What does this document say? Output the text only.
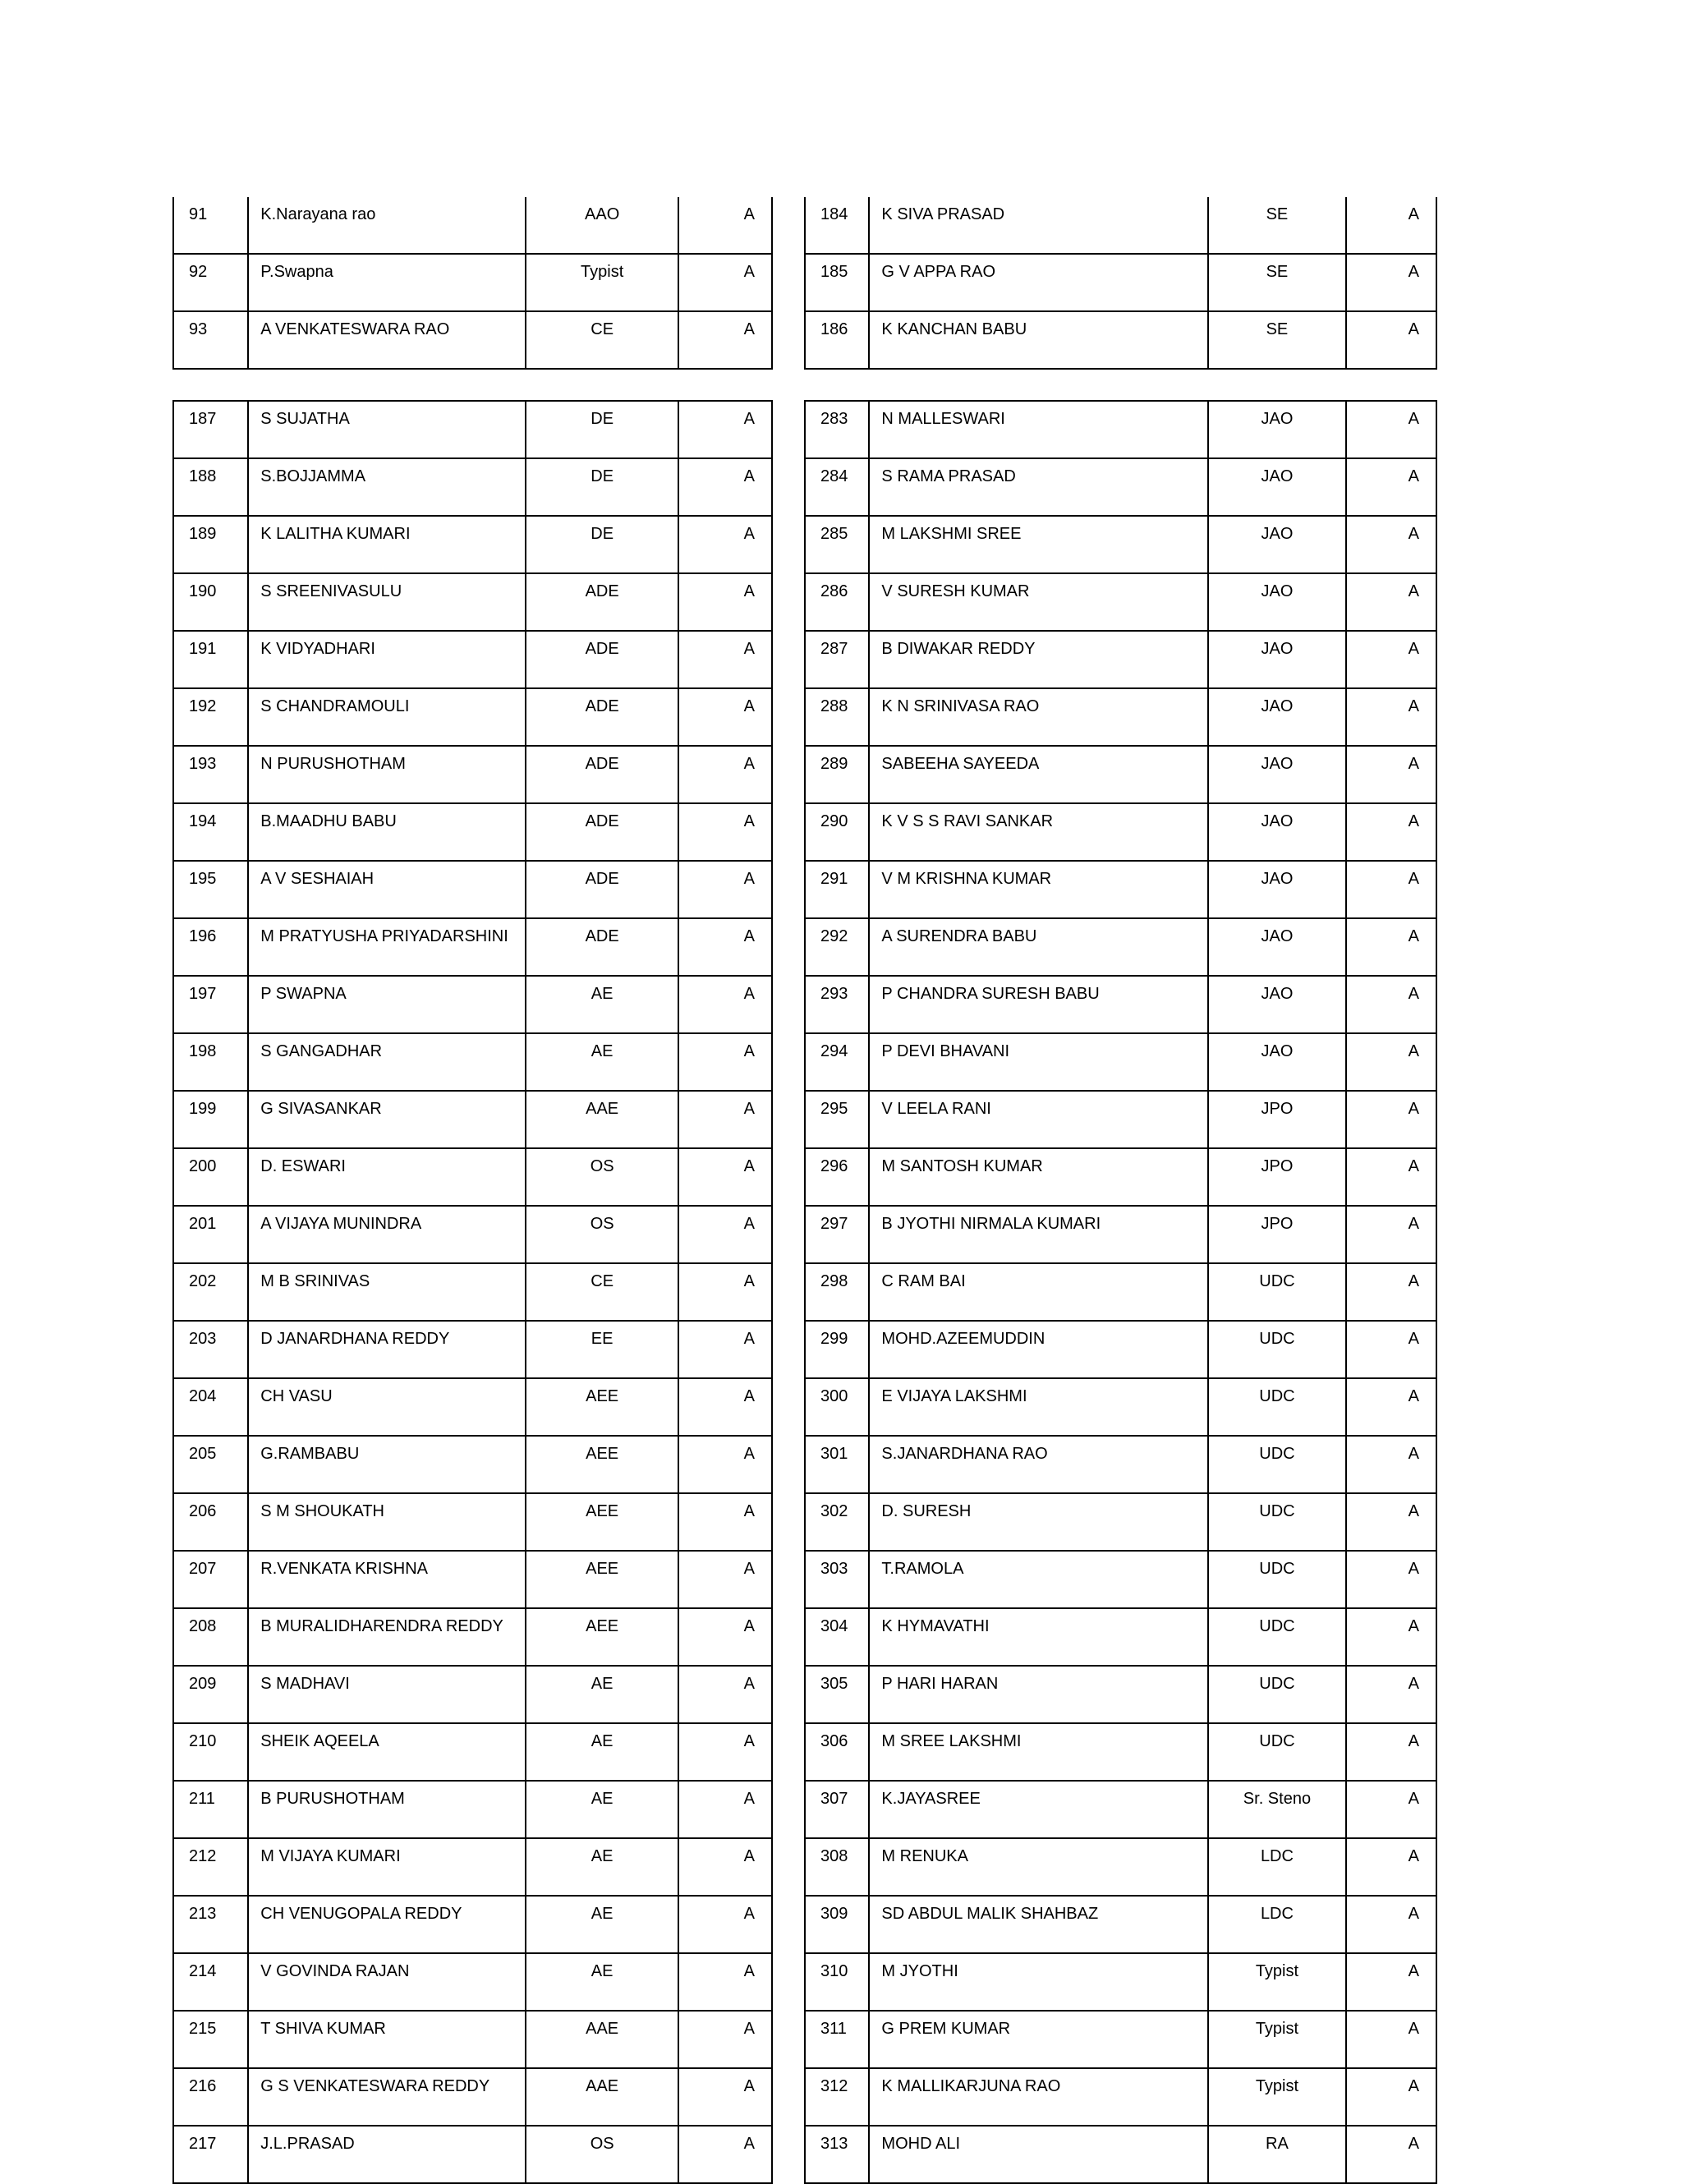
91	K.Narayana rao	AAO	A
92	P.Swapna	Typist	A
93	A VENKATESWARA RAO	CE	A
184	K SIVA PRASAD	SE	A
185	G V APPA RAO	SE	A
186	K KANCHAN BABU	SE	A
187	S SUJATHA	DE	A
188	S.BOJJAMMA	DE	A
189	K LALITHA KUMARI	DE	A
190	S SREENIVASULU	ADE	A
191	K VIDYADHARI	ADE	A
192	S CHANDRAMOULI	ADE	A
193	N PURUSHOTHAM	ADE	A
194	B.MAADHU BABU	ADE	A
195	A V SESHAIAH	ADE	A
196	M PRATYUSHA PRIYADARSHINI	ADE	A
197	P SWAPNA	AE	A
198	S GANGADHAR	AE	A
199	G SIVASANKAR	AAE	A
200	D. ESWARI	OS	A
201	A VIJAYA MUNINDRA	OS	A
202	M B SRINIVAS	CE	A
203	D JANARDHANA REDDY	EE	A
204	CH VASU	AEE	A
205	G.RAMBABU	AEE	A
206	S M SHOUKATH	AEE	A
207	R.VENKATA KRISHNA	AEE	A
208	B MURALIDHARENDRA REDDY	AEE	A
209	S MADHAVI	AE	A
210	SHEIK AQEELA	AE	A
211	B PURUSHOTHAM	AE	A
212	M VIJAYA KUMARI	AE	A
213	CH VENUGOPALA REDDY	AE	A
214	V GOVINDA RAJAN	AE	A
215	T SHIVA KUMAR	AAE	A
216	G S VENKATESWARA REDDY	AAE	A
217	J.L.PRASAD	OS	A
283	N MALLESWARI	JAO	A
284	S RAMA PRASAD	JAO	A
285	M LAKSHMI SREE	JAO	A
286	V SURESH KUMAR	JAO	A
287	B DIWAKAR REDDY	JAO	A
288	K N SRINIVASA RAO	JAO	A
289	SABEEHA SAYEEDA	JAO	A
290	K V S S RAVI SANKAR	JAO	A
291	V M KRISHNA KUMAR	JAO	A
292	A SURENDRA BABU	JAO	A
293	P CHANDRA SURESH BABU	JAO	A
294	P DEVI BHAVANI	JAO	A
295	V LEELA RANI	JPO	A
296	M SANTOSH KUMAR	JPO	A
297	B JYOTHI NIRMALA KUMARI	JPO	A
298	C RAM BAI	UDC	A
299	MOHD.AZEEMUDDIN	UDC	A
300	E VIJAYA LAKSHMI	UDC	A
301	S.JANARDHANA RAO	UDC	A
302	D. SURESH	UDC	A
303	T.RAMOLA	UDC	A
304	K HYMAVATHI	UDC	A
305	P HARI HARAN	UDC	A
306	M SREE LAKSHMI	UDC	A
307	K.JAYASREE	Sr. Steno	A
308	M RENUKA	LDC	A
309	SD ABDUL MALIK SHAHBAZ	LDC	A
310	M JYOTHI	Typist	A
311	G PREM KUMAR	Typist	A
312	K MALLIKARJUNA RAO	Typist	A
313	MOHD ALI	RA	A
